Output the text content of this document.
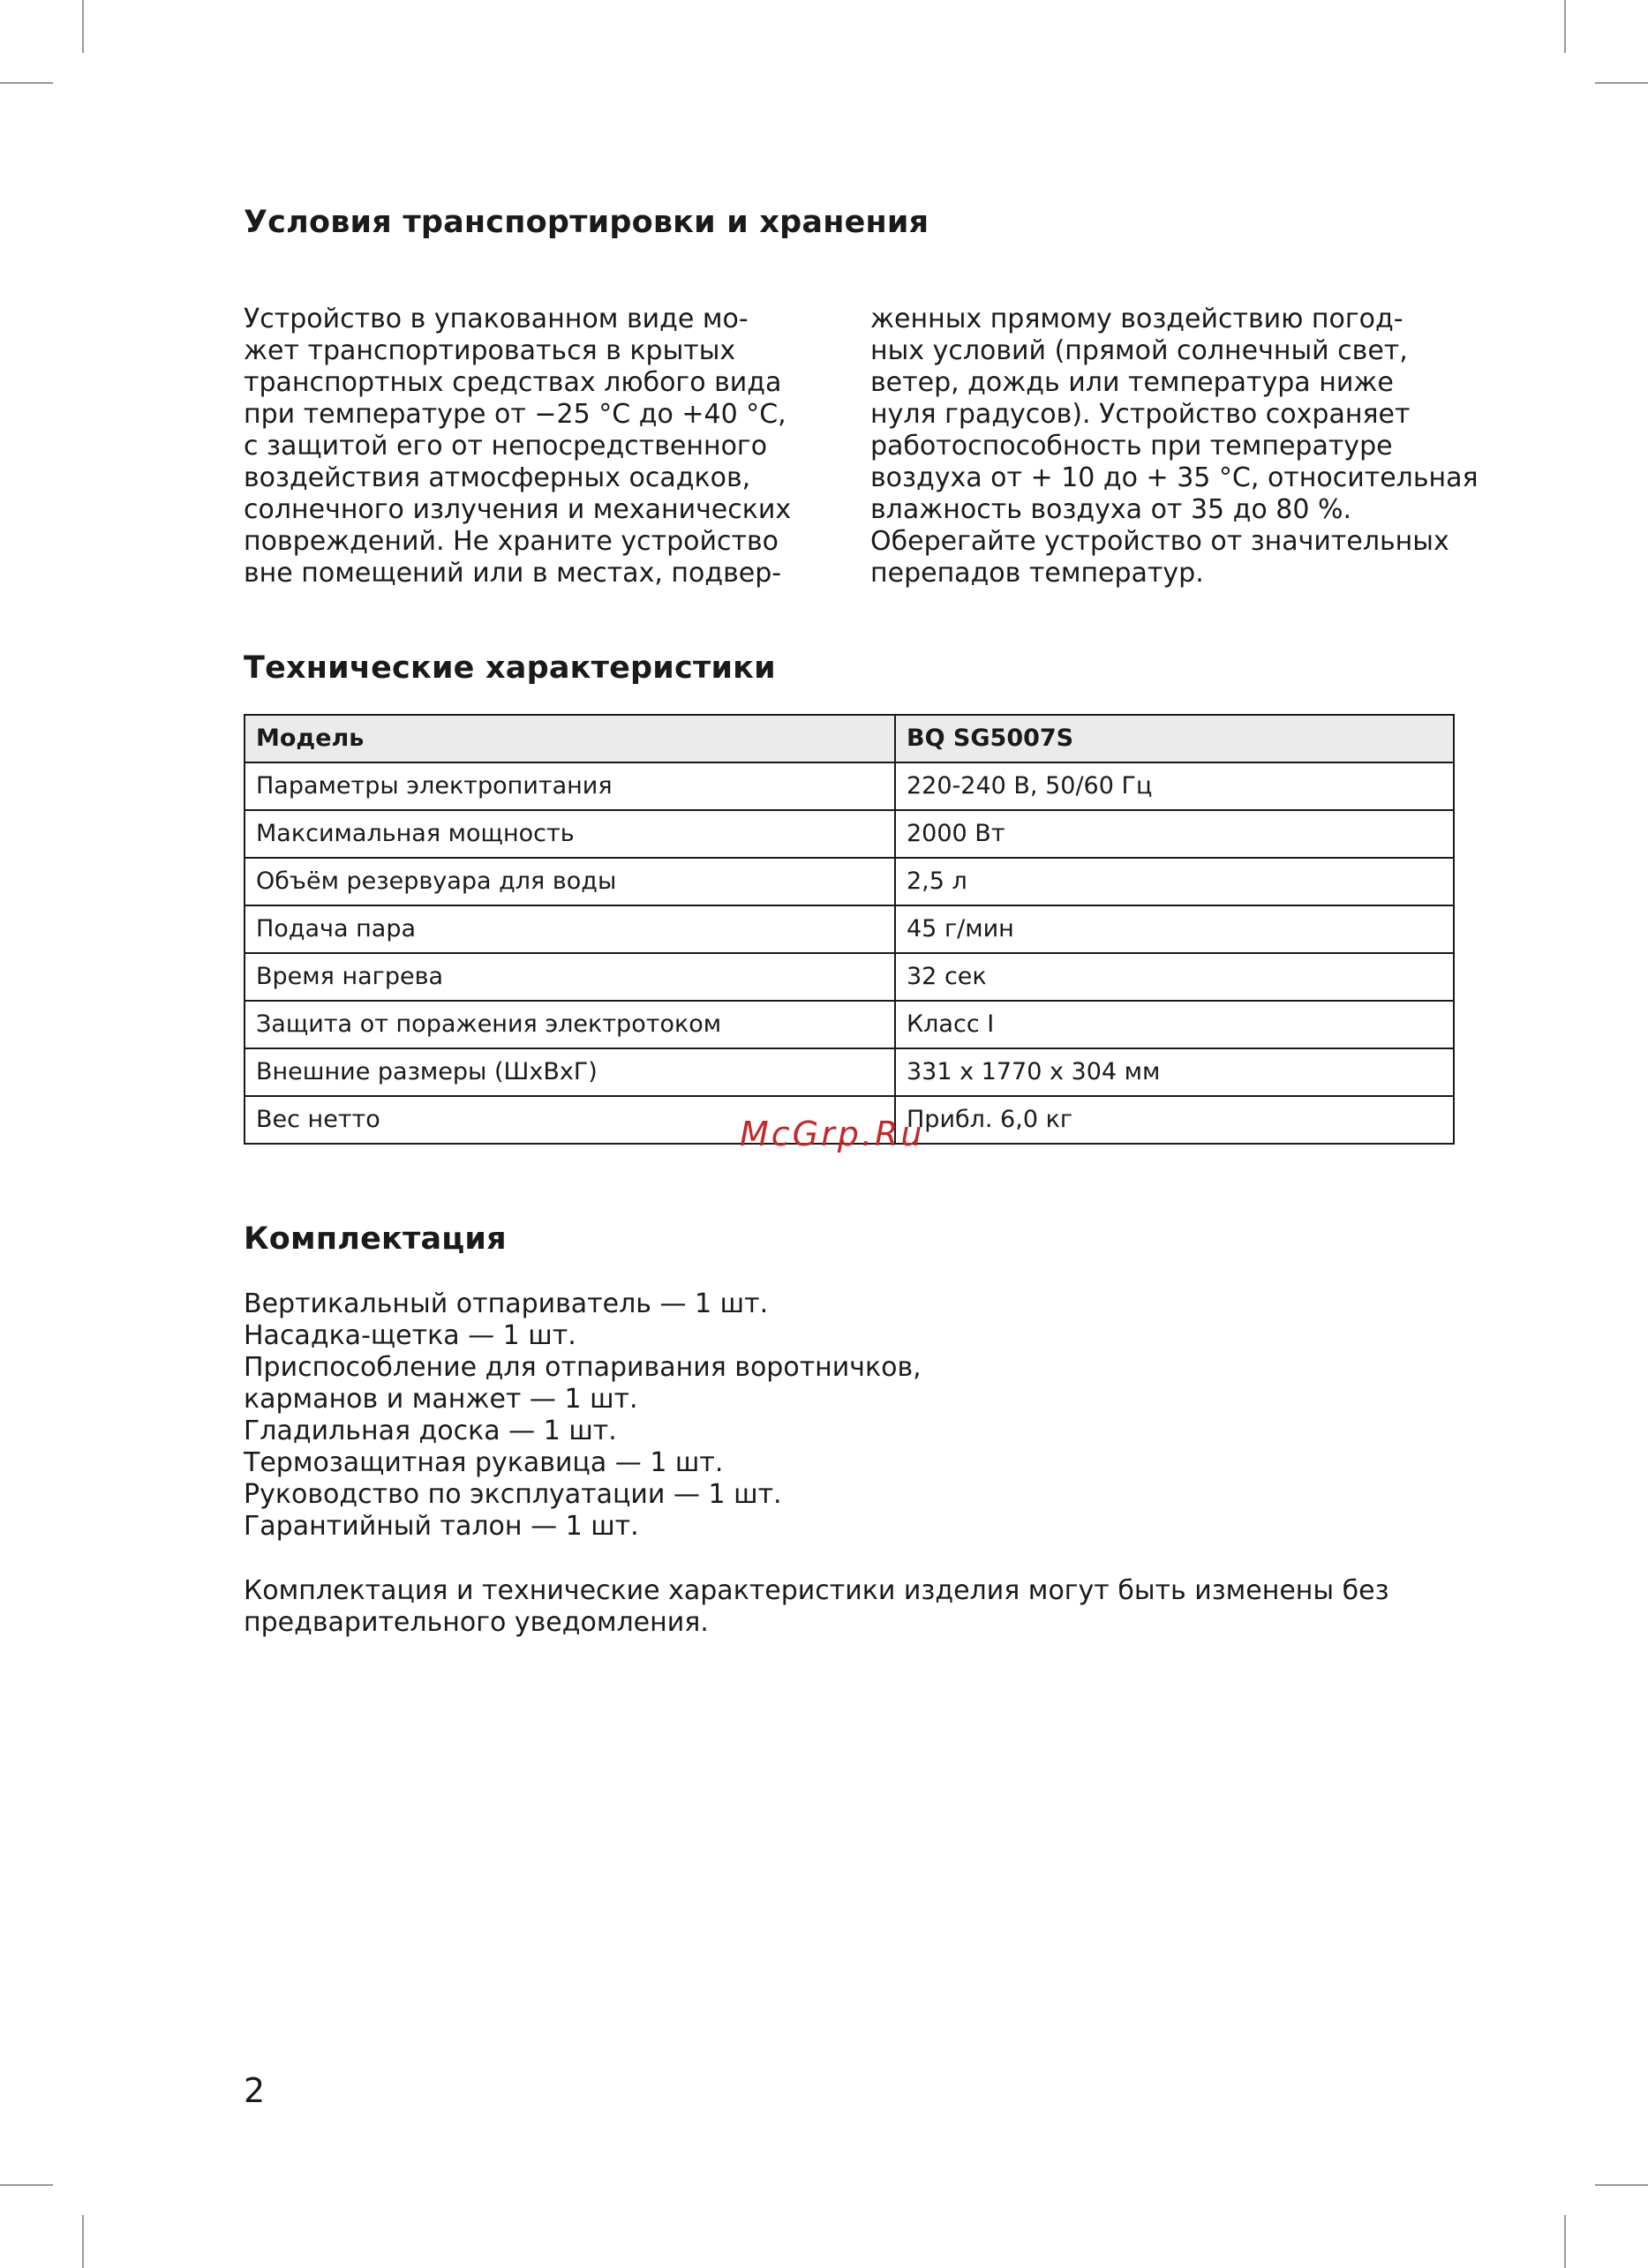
Условия транспортировки и хранения
Устройство в упакованном виде мо-
жет транспортироваться в крытых
транспортных средствах любого вида
при температуре от −25 °C до +40 °C,
с защитой его от непосредственного
воздействия атмосферных осадков,
солнечного излучения и механических
повреждений. Не храните устройство
вне помещений или в местах, подвер-
женных прямому воздействию погод-
ных условий (прямой солнечный свет,
ветер, дождь или температура ниже
нуля градусов). Устройство сохраняет
работоспособность при температуре
воздуха от + 10 до + 35 °C, относительная
влажность воздуха от 35 до 80 %.
Оберегайте устройство от значительных
перепадов температур.
Технические характеристики
Модель	BQ SG5007S
Параметры электропитания	220-240 В, 50/60 Гц
Максимальная мощность	2000 Вт
Объём резервуара для воды	2,5 л
Подача пара	45 г/мин
Время нагрева	32 сек
Защита от поражения электротоком	Класс I
Внешние размеры (ШхВхГ)	331 х 1770 х 304 мм
Вес нетто	Прибл. 6,0 кг
McGrp.Ru
Комплектация
Вертикальный отпариватель — 1 шт.
Насадка-щетка — 1 шт.
Приспособление для отпаривания воротничков,
карманов и манжет — 1 шт.
Гладильная доска — 1 шт.
Термозащитная рукавица — 1 шт.
Руководство по эксплуатации — 1 шт.
Гарантийный талон — 1 шт.
Комплектация и технические характеристики изделия могут быть изменены без
предварительного уведомления.
2
